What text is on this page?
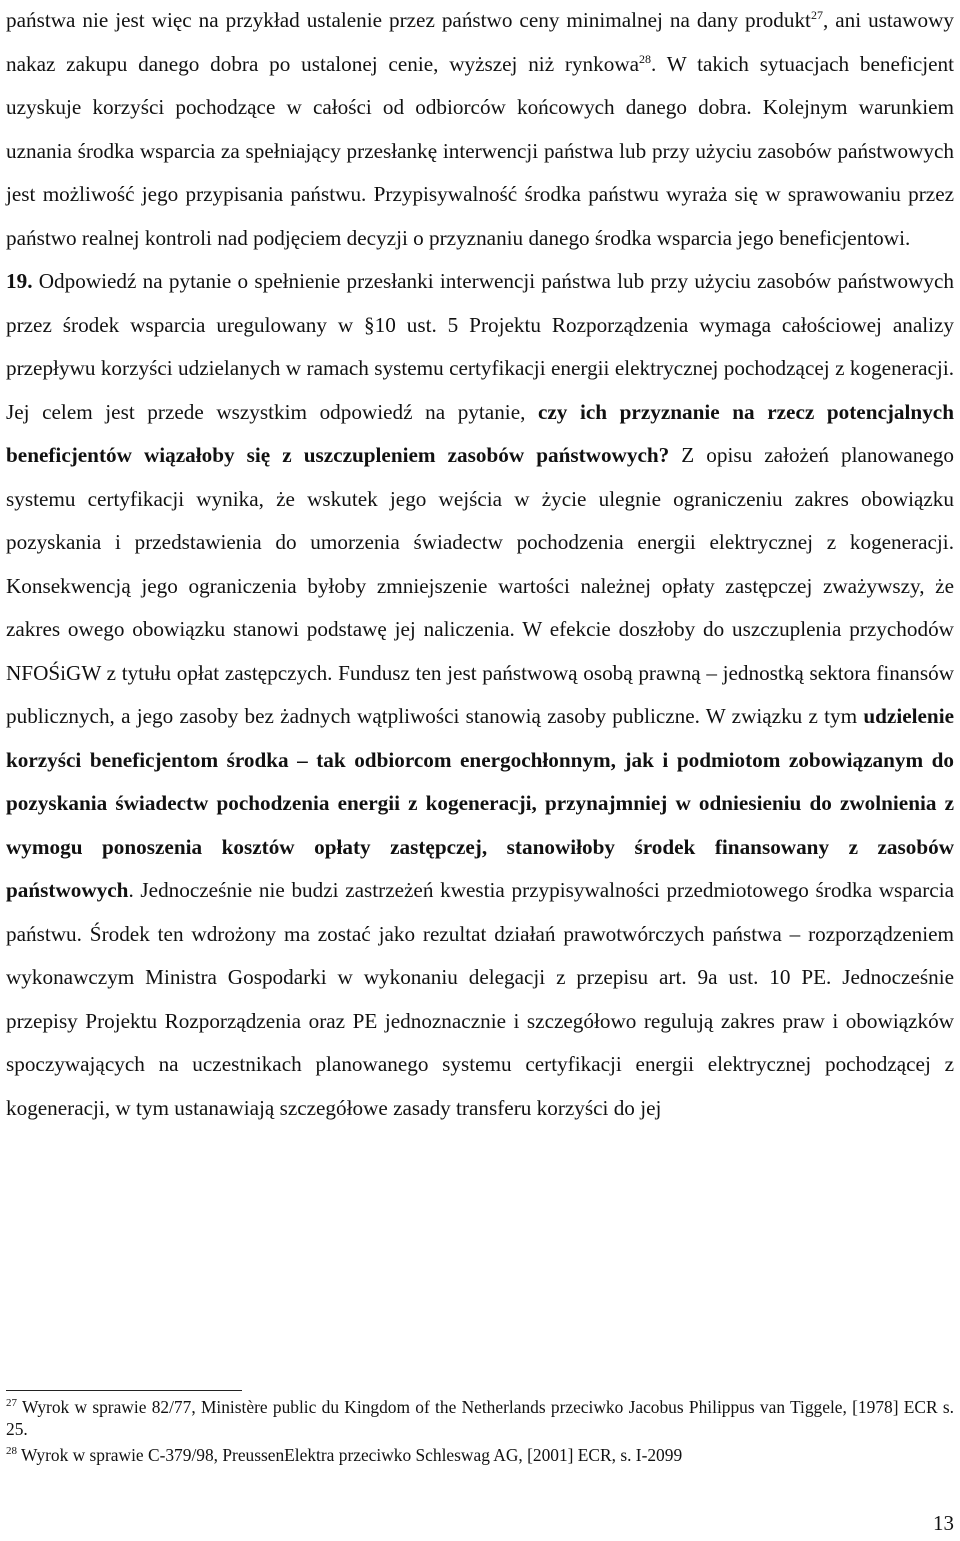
państwa nie jest więc na przykład ustalenie przez państwo ceny minimalnej na dany produkt$^{27}$, ani ustawowy nakaz zakupu danego dobra po ustalonej cenie, wyższej niż rynkowa$^{28}$. W takich sytuacjach beneficjent uzyskuje korzyści pochodzące w całości od odbiorców końcowych danego dobra. Kolejnym warunkiem uznania środka wsparcia za spełniający przesłankę interwencji państwa lub przy użyciu zasobów państwowych jest możliwość jego przypisania państwu. Przypisywalność środka państwu wyraża się w sprawowaniu przez państwo realnej kontroli nad podjęciem decyzji o przyznaniu danego środka wsparcia jego beneficjentowi.

19. Odpowiedź na pytanie o spełnienie przesłanki interwencji państwa lub przy użyciu zasobów państwowych przez środek wsparcia uregulowany w §10 ust. 5 Projektu Rozporządzenia wymaga całościowej analizy przepływu korzyści udzielanych w ramach systemu certyfikacji energii elektrycznej pochodzącej z kogeneracji. Jej celem jest przede wszystkim odpowiedź na pytanie, czy ich przyznanie na rzecz potencjalnych beneficjentów wiązałoby się z uszczupleniem zasobów państwowych? Z opisu założeń planowanego systemu certyfikacji wynika, że wskutek jego wejścia w życie ulegnie ograniczeniu zakres obowiązku pozyskania i przedstawienia do umorzenia świadectw pochodzenia energii elektrycznej z kogeneracji. Konsekwencją jego ograniczenia byłoby zmniejszenie wartości należnej opłaty zastępczej zważywszy, że zakres owego obowiązku stanowi podstawę jej naliczenia. W efekcie doszłoby do uszczuplenia przychodów NFOŚiGW z tytułu opłat zastępczych. Fundusz ten jest państwową osobą prawną – jednostką sektora finansów publicznych, a jego zasoby bez żadnych wątpliwości stanowią zasoby publiczne. W związku z tym udzielenie korzyści beneficjentom środka – tak odbiorcom energochłonnym, jak i podmiotom zobowiązanym do pozyskania świadectw pochodzenia energii z kogeneracji, przynajmniej w odniesieniu do zwolnienia z wymogu ponoszenia kosztów opłaty zastępczej, stanowiłoby środek finansowany z zasobów państwowych. Jednocześnie nie budzi zastrzeżeń kwestia przypisywalności przedmiotowego środka wsparcia państwu. Środek ten wdrożony ma zostać jako rezultat działań prawotwórczych państwa – rozporządzeniem wykonawczym Ministra Gospodarki w wykonaniu delegacji z przepisu art. 9a ust. 10 PE. Jednocześnie przepisy Projektu Rozporządzenia oraz PE jednoznacznie i szczegółowo regulują zakres praw i obowiązków spoczywających na uczestnikach planowanego systemu certyfikacji energii elektrycznej pochodzącej z kogeneracji, w tym ustanawiają szczegółowe zasady transferu korzyści do jej

$^{27}$ Wyrok w sprawie 82/77, Ministère public du Kingdom of the Netherlands przeciwko Jacobus Philippus van Tiggele, [1978] ECR s. 25.

$^{28}$ Wyrok w sprawie C-379/98, PreussenElektra przeciwko Schleswag AG, [2001] ECR, s. I-2099

13
